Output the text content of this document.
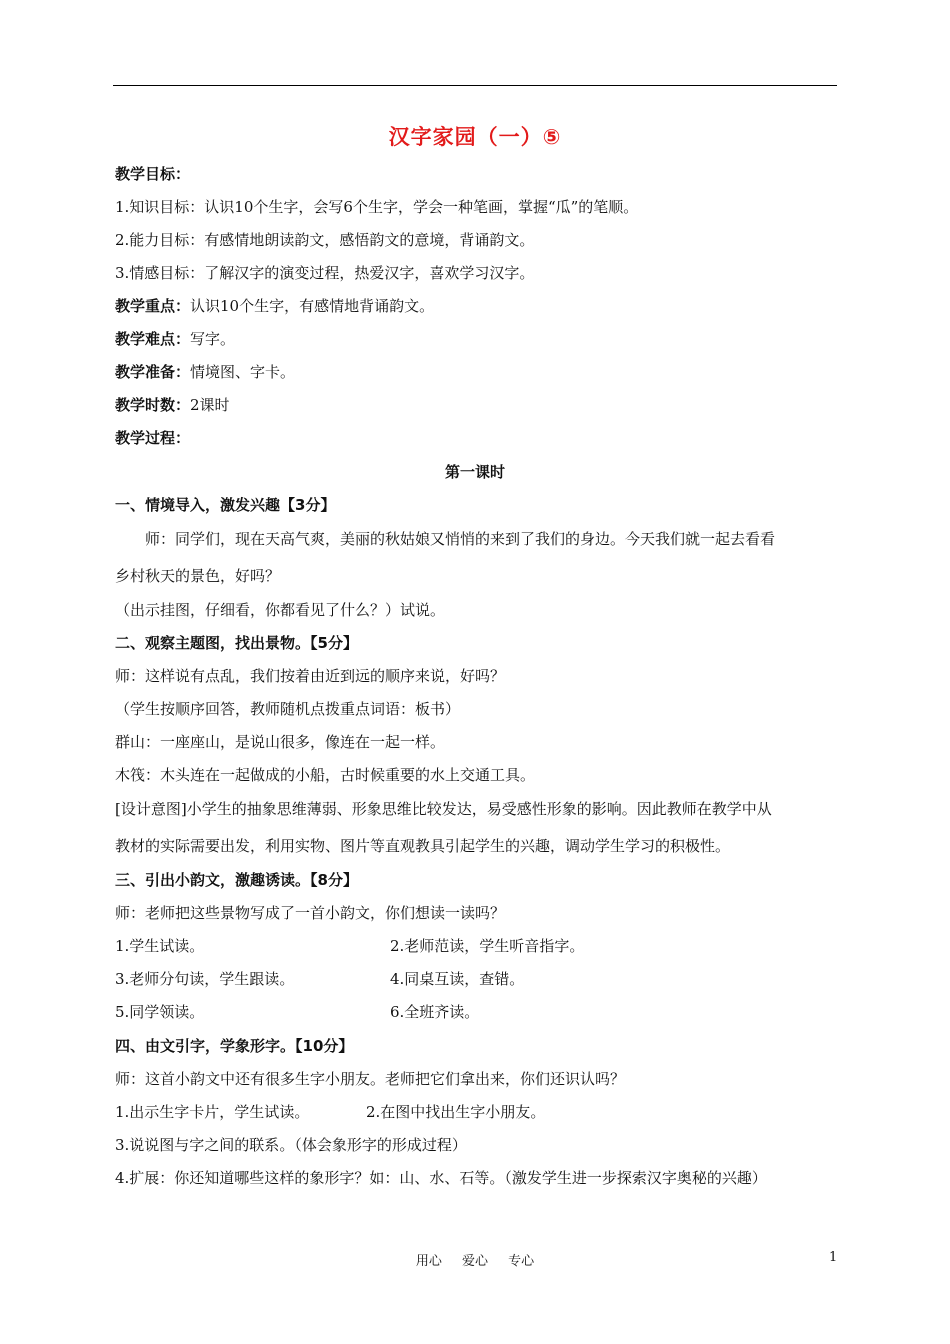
汉字家园（一）⑤
教学目标：
1.知识目标：认识10个生字，会写6个生字，学会一种笔画，掌握“瓜”的笔顺。
2.能力目标：有感情地朗读韵文，感悟韵文的意境，背诵韵文。
3.情感目标：了解汉字的演变过程，热爱汉字，喜欢学习汉字。
教学重点：认识10个生字，有感情地背诵韵文。
教学难点：写字。
教学准备：情境图、字卡。
教学时数：2课时
教学过程：
第一课时
一、情境导入，激发兴趣【3分】
师：同学们，现在天高气爽，美丽的秋姑娘又悄悄的来到了我们的身边。今天我们就一起去看看
乡村秋天的景色，好吗？
（出示挂图，仔细看，你都看见了什么？）试说。
二、观察主题图，找出景物。【5分】
师：这样说有点乱，我们按着由近到远的顺序来说，好吗？
（学生按顺序回答，教师随机点拨重点词语：板书）
群山：一座座山，是说山很多，像连在一起一样。
木筏：木头连在一起做成的小船，古时候重要的水上交通工具。
[设计意图]小学生的抽象思维薄弱、形象思维比较发达，易受感性形象的影响。因此教师在教学中从
教材的实际需要出发，利用实物、图片等直观教具引起学生的兴趣，调动学生学习的积极性。
三、引出小韵文，激趣诱读。【8分】
师：老师把这些景物写成了一首小韵文，你们想读一读吗？
1.学生试读。	2.老师范读，学生听音指字。
3.老师分句读，学生跟读。	4.同桌互读，查错。
5.同学领读。	6.全班齐读。
四、由文引字，学象形字。【10分】
师：这首小韵文中还有很多生字小朋友。老师把它们拿出来，你们还识认吗？
1.出示生字卡片，学生试读。	2.在图中找出生字小朋友。
3.说说图与字之间的联系。（体会象形字的形成过程）
4.扩展：你还知道哪些这样的象形字？如：山、水、石等。（激发学生进一步探索汉字奥秘的兴趣）
用心 爱心 专心	1
